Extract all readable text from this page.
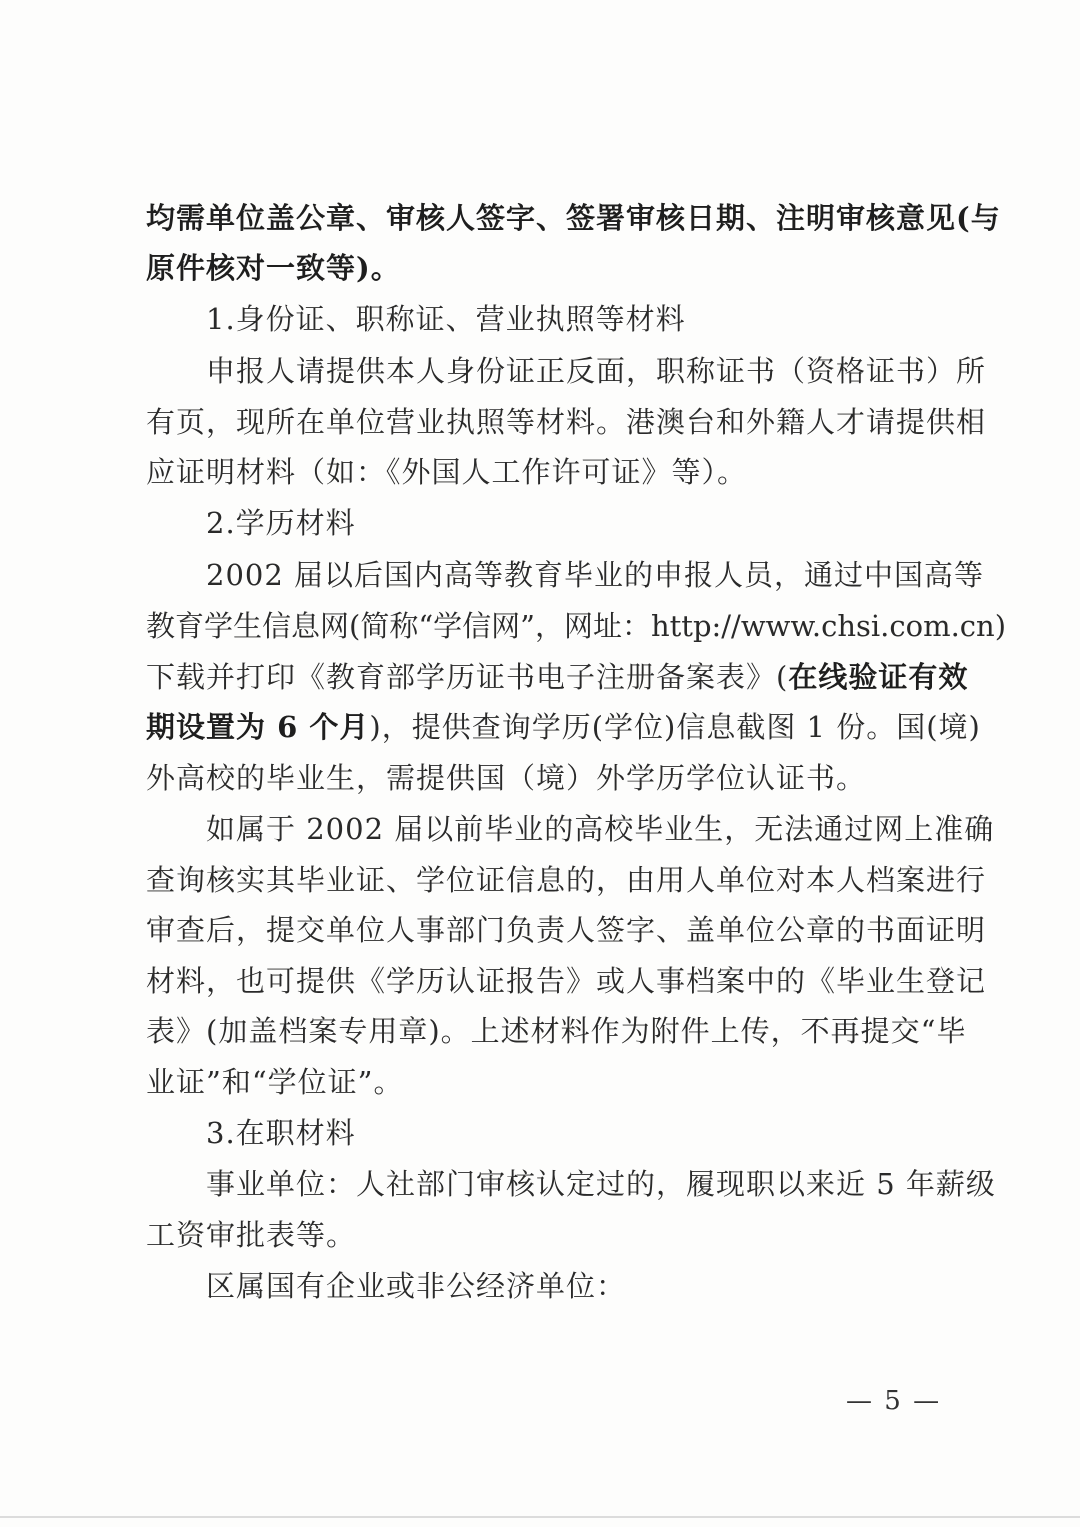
均需单位盖公章、审核人签字、签署审核日期、注明审核意见(与
原件核对一致等)。
1.身份证、职称证、营业执照等材料
申报人请提供本人身份证正反面，职称证书（资格证书）所
有页，现所在单位营业执照等材料。港澳台和外籍人才请提供相
应证明材料（如：《外国人工作许可证》等）。
2.学历材料
2002 届以后国内高等教育毕业的申报人员，通过中国高等
教育学生信息网(简称“学信网”，网址：http://www.chsi.com.cn)
下载并打印《教育部学历证书电子注册备案表》(在线验证有效
期设置为 6 个月)，提供查询学历(学位)信息截图 1 份。国(境)
外高校的毕业生，需提供国（境）外学历学位认证书。
如属于 2002 届以前毕业的高校毕业生，无法通过网上准确
查询核实其毕业证、学位证信息的，由用人单位对本人档案进行
审查后，提交单位人事部门负责人签字、盖单位公章的书面证明
材料，也可提供《学历认证报告》或人事档案中的《毕业生登记
表》(加盖档案专用章)。上述材料作为附件上传，不再提交“毕
业证”和“学位证”。
3.在职材料
事业单位：人社部门审核认定过的，履现职以来近 5 年薪级
工资审批表等。
区属国有企业或非公经济单位：
— 5 —
